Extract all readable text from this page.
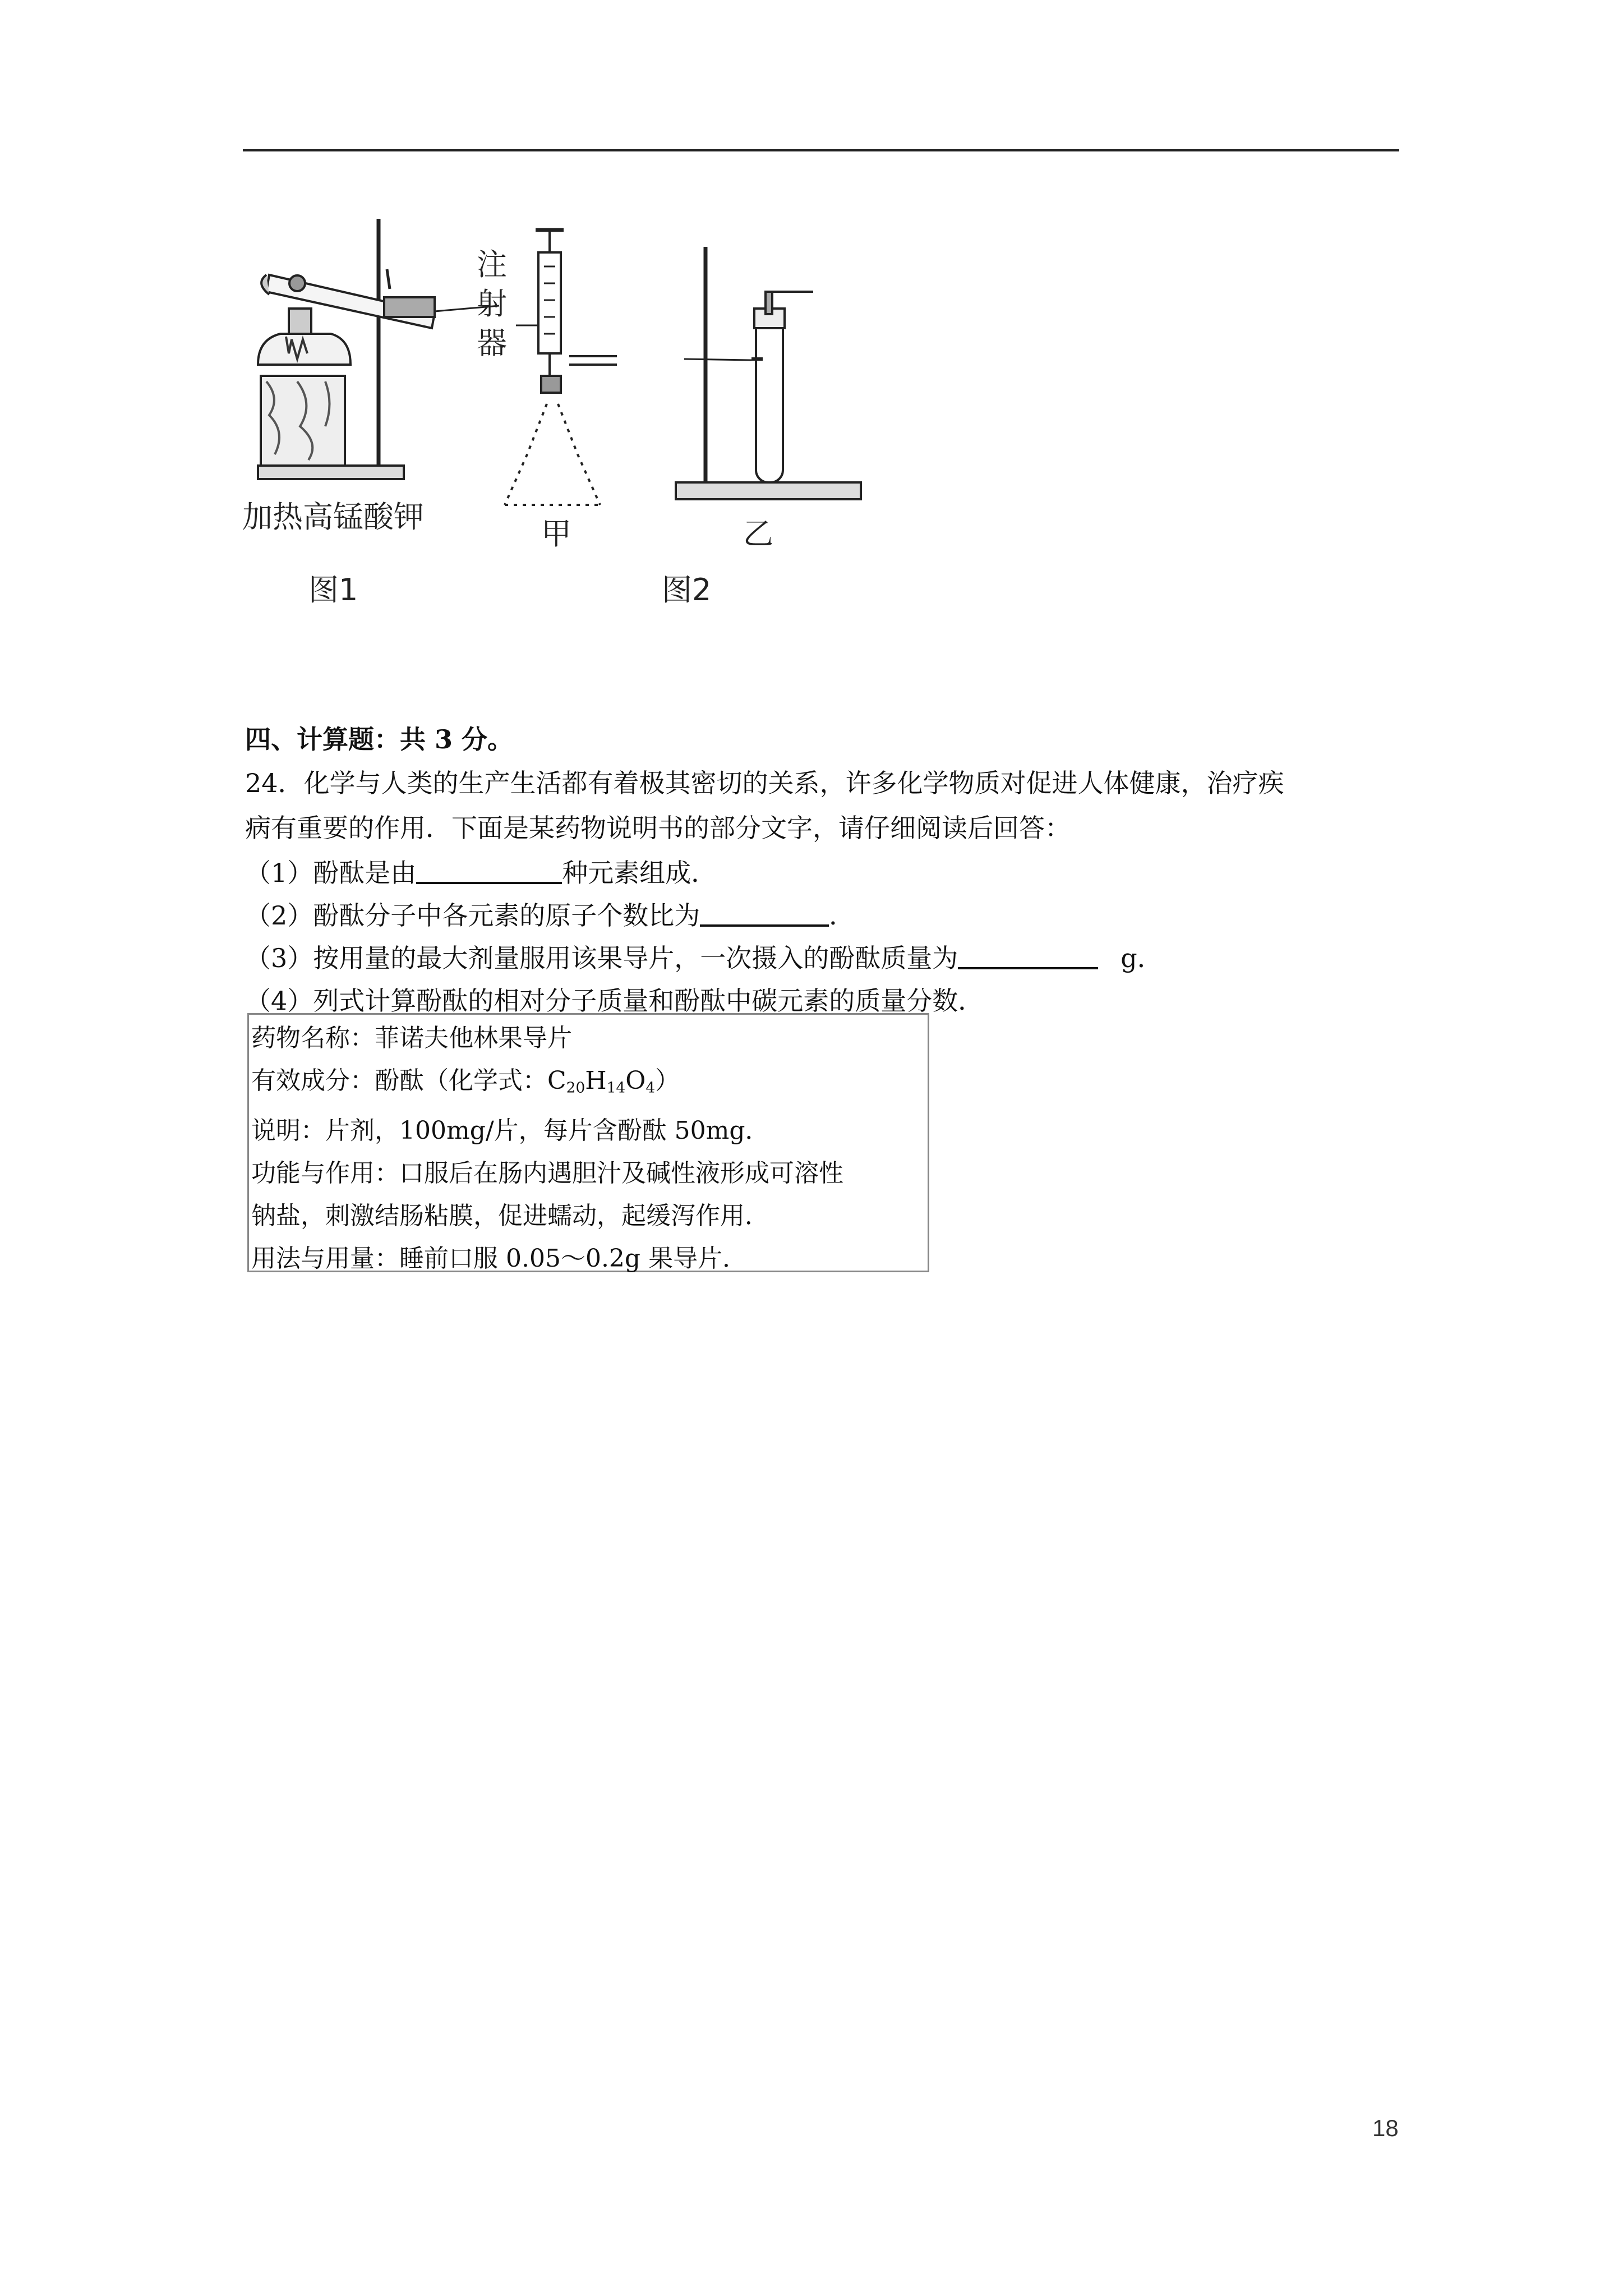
加热高锰酸钾
图1
注
射
器
甲	乙
图2

四、计算题：共 3 分。

24．化学与人类的生产生活都有着极其密切的关系，许多化学物质对促进人体健康，治疗疾

病有重要的作用．下面是某药物说明书的部分文字，请仔细阅读后回答：

（1）酚酞是由	种元素组成．

（2）酚酞分子中各元素的原子个数比为	．

（3）按用量的最大剂量服用该果导片，一次摄入的酚酞质量为	g．

（4）列式计算酚酞的相对分子质量和酚酞中碳元素的质量分数．

药物名称：菲诺夫他林果导片

有效成分：酚酞（化学式：$C_{20}H_{14}O_4$）

说明：片剂，100mg/片，每片含酚酞 50mg．

功能与作用：口服后在肠内遇胆汁及碱性液形成可溶性

钠盐，刺激结肠粘膜，促进蠕动，起缓泻作用．

用法与用量：睡前口服 0.05～0.2g 果导片．

18
